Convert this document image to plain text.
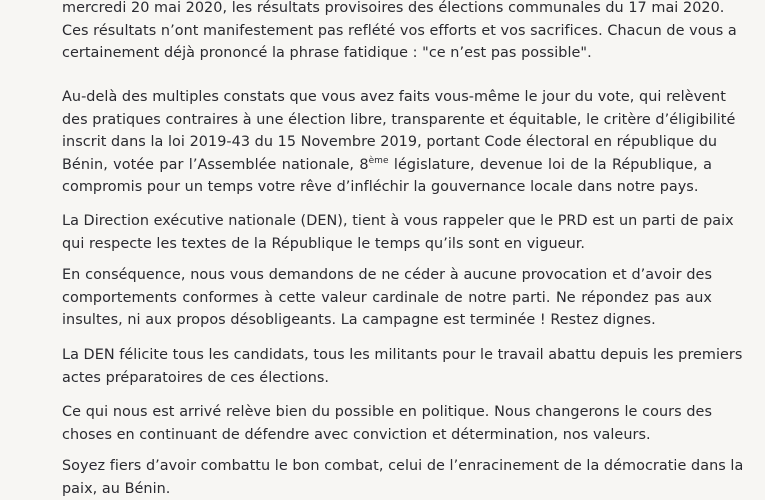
mercredi 20 mai 2020, les résultats provisoires des élections communales du 17 mai 2020.
Ces résultats n’ont manifestement pas reflété vos efforts et vos sacrifices. Chacun de vous a
certainement déjà prononcé la phrase fatidique : "ce n’est pas possible".

Au-delà des multiples constats que vous avez faits vous-même le jour du vote, qui relèvent
des pratiques contraires à une élection libre, transparente et équitable, le critère d’éligibilité
inscrit dans la loi 2019-43 du 15 Novembre 2019, portant Code électoral en république du
Bénin, votée par l’Assemblée nationale, 8ème législature, devenue loi de la République, a
compromis pour un temps votre rêve d’infléchir la gouvernance locale dans notre pays.

La Direction exécutive nationale (DEN), tient à vous rappeler que le PRD est un parti de paix
qui respecte les textes de la République le temps qu’ils sont en vigueur.

En conséquence, nous vous demandons de ne céder à aucune provocation et d’avoir des
comportements conformes à cette valeur cardinale de notre parti. Ne répondez pas aux
insultes, ni aux propos désobligeants. La campagne est terminée ! Restez dignes.

La DEN félicite tous les candidats, tous les militants pour le travail abattu depuis les premiers
actes préparatoires de ces élections.

Ce qui nous est arrivé relève bien du possible en politique. Nous changerons le cours des
choses en continuant de défendre avec conviction et détermination, nos valeurs.

Soyez fiers d’avoir combattu le bon combat, celui de l’enracinement de la démocratie dans la
paix, au Bénin.
